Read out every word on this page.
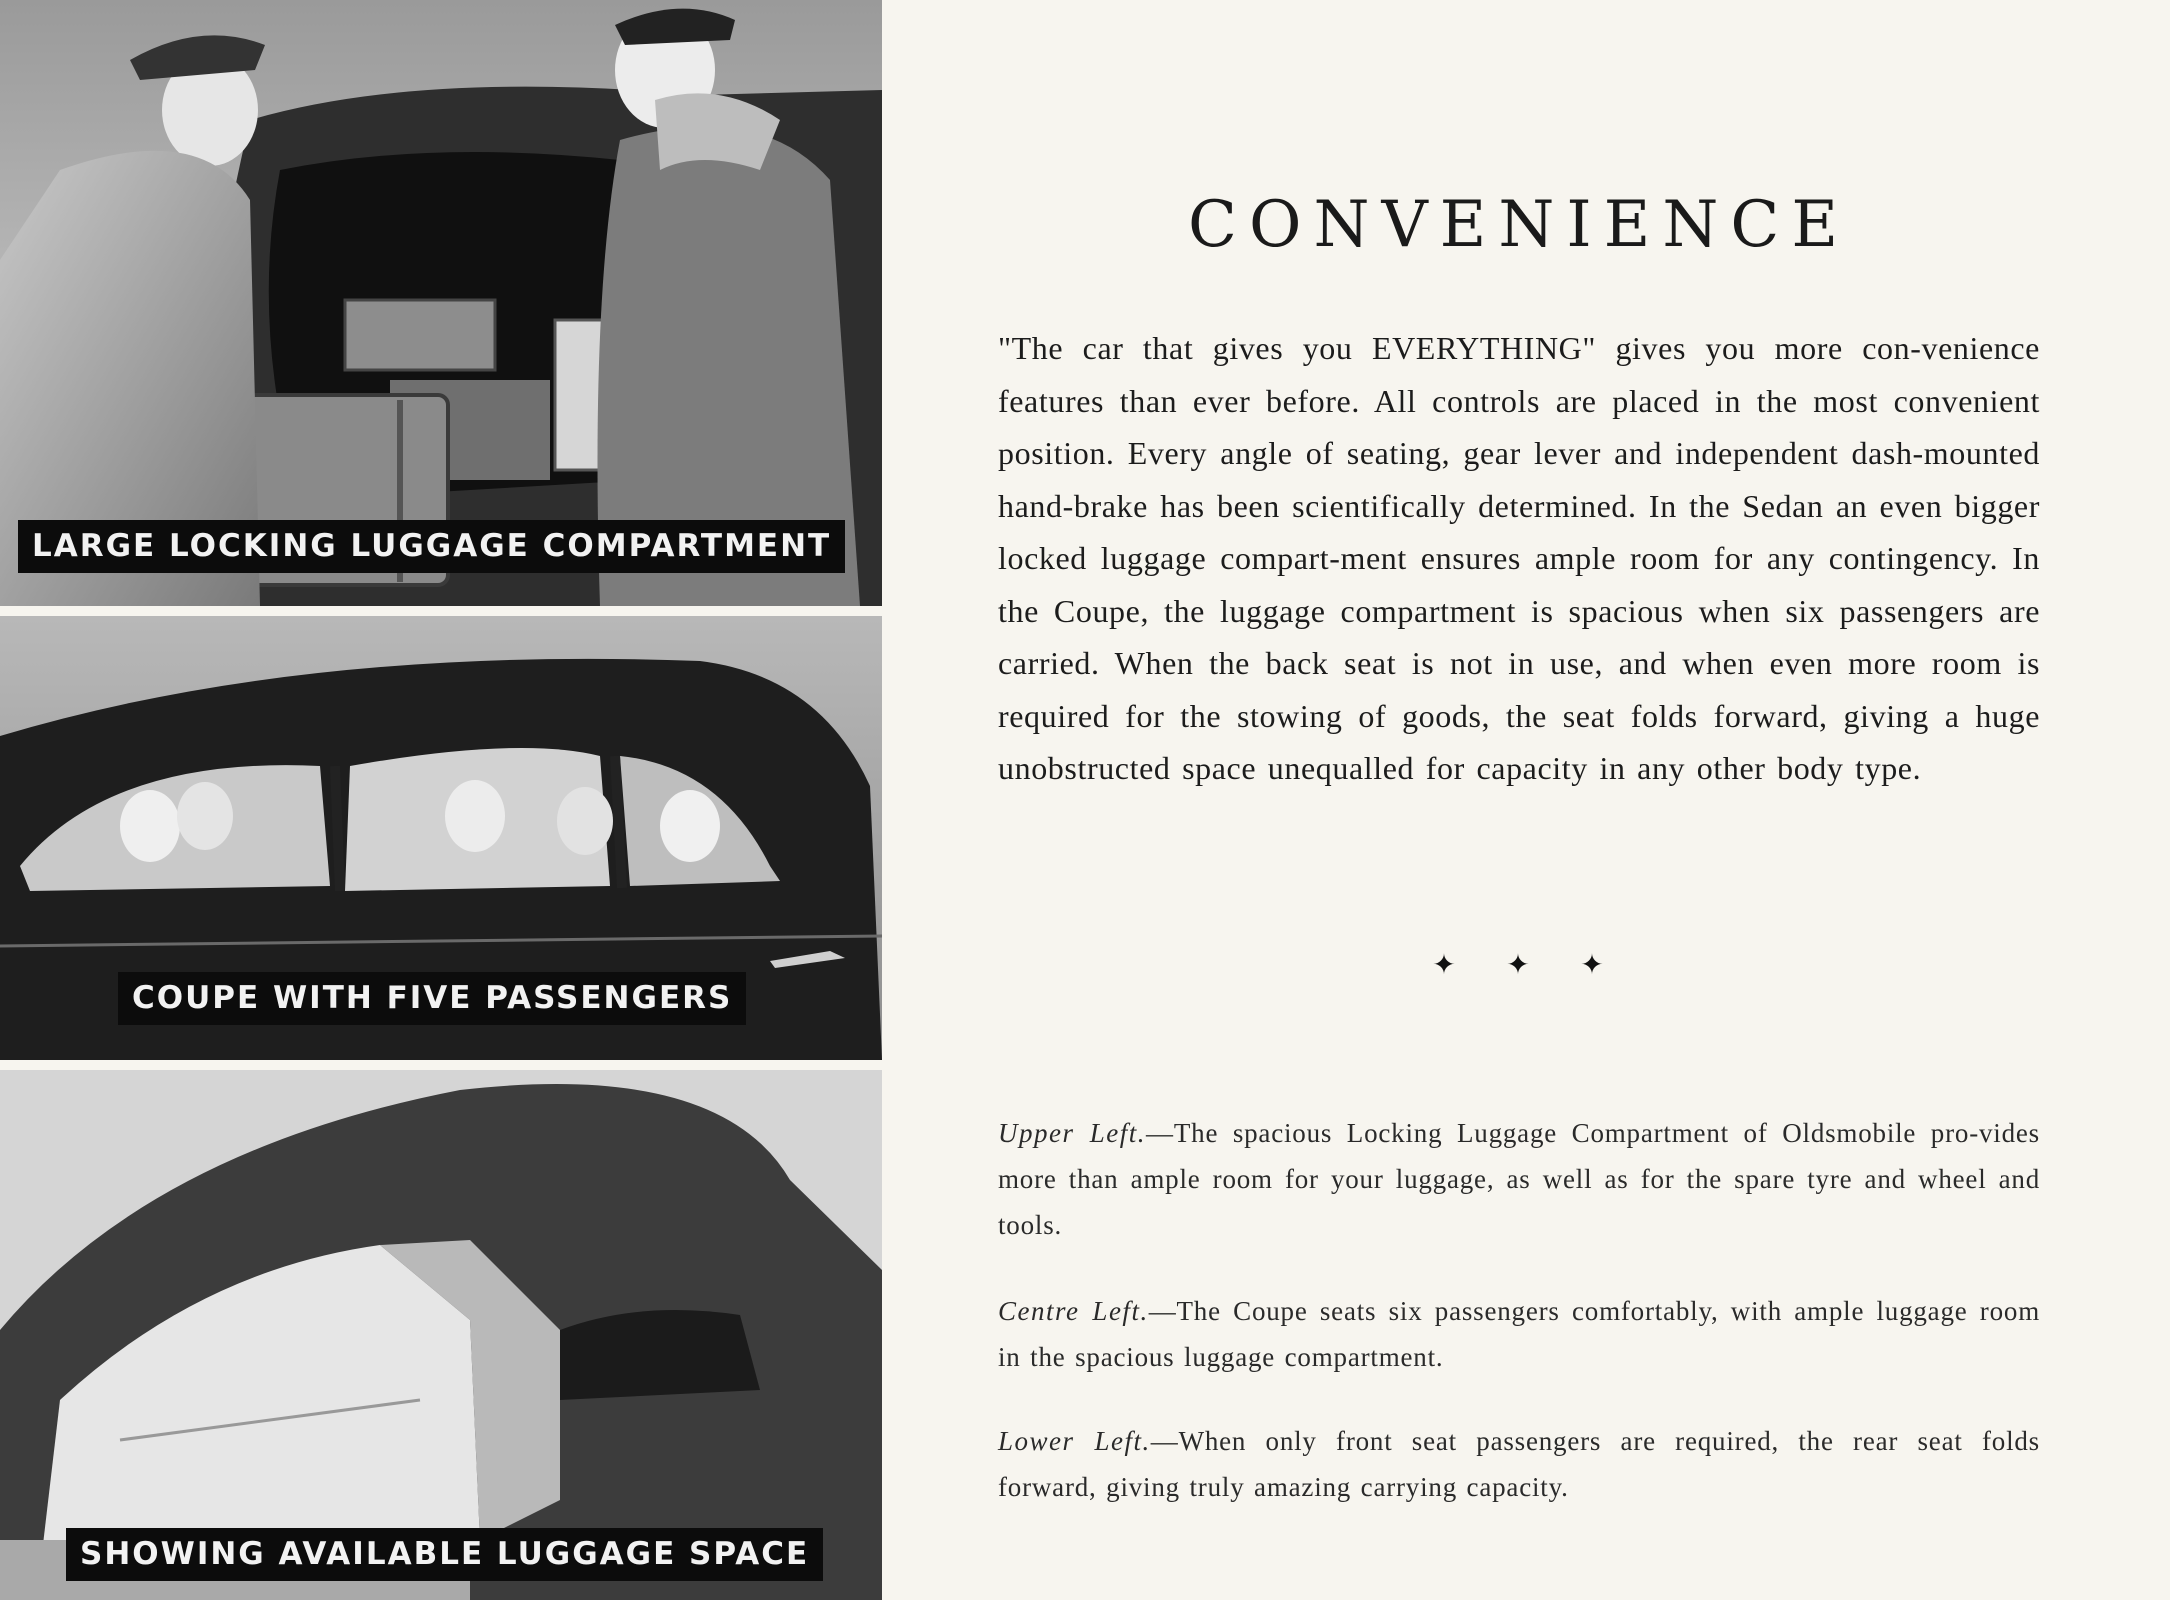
LARGE LOCKING LUGGAGE COMPARTMENT
COUPE WITH FIVE PASSENGERS
SHOWING AVAILABLE LUGGAGE SPACE
CONVENIENCE

"The car that gives you EVERYTHING" gives you more con-venience features than ever before. All controls are placed in the most convenient position. Every angle of seating, gear lever and independent dash-mounted hand-brake has been scientifically determined. In the Sedan an even bigger locked luggage compart-ment ensures ample room for any contingency. In the Coupe, the luggage compartment is spacious when six passengers are carried. When the back seat is not in use, and when even more room is required for the stowing of goods, the seat folds forward, giving a huge unobstructed space unequalled for capacity in any other body type.

✦ ✦ ✦

Upper Left.—The spacious Locking Luggage Compartment of Oldsmobile pro-vides more than ample room for your luggage, as well as for the spare tyre and wheel and tools.

Centre Left.—The Coupe seats six passengers comfortably, with ample luggage room in the spacious luggage compartment.

Lower Left.—When only front seat passengers are required, the rear seat folds forward, giving truly amazing carrying capacity.
